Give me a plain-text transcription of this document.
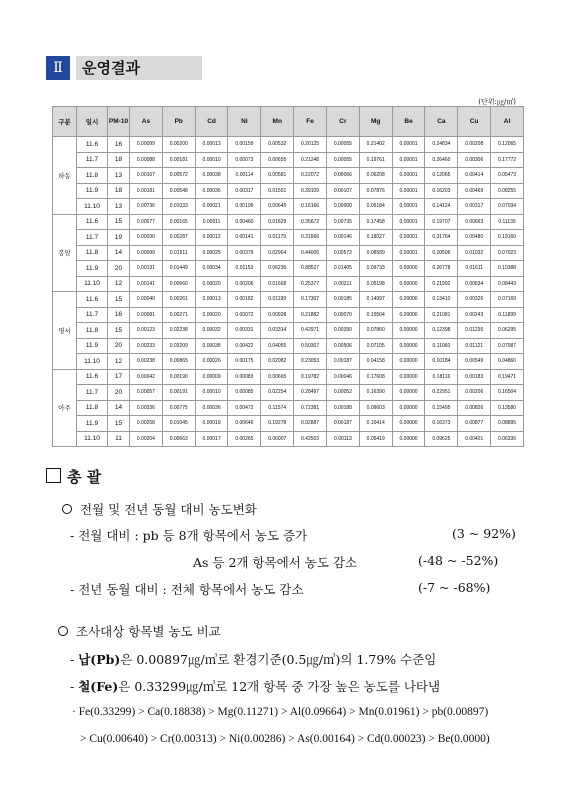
Ⅱ	운영결과
(단위:㎍/㎥)
구분	일시	PM-10	As	Pb	Cd	Ni	Mn	Fe	Cr	Mg	Be	Ca	Cu	Al
하동	11.6	16	0.00099	0.00200	0.00013	0.00159	0.00532	0.20125	0.00055	0.21402	0.00001	0.24834	0.00208	0.12065
	11.7	18	0.00088	0.00181	0.00010	0.00073	0.00655	0.21248	0.00055	0.19761	0.00001	0.26460	0.00306	0.17772
	11.8	13	0.00167	0.00572	0.00038	0.00114	0.00581	0.22072	0.00066	0.06208	0.00001	0.12065	0.00414	0.05473
	11.9	18	0.00181	0.00548	0.00036	0.00317	0.01551	0.39109	0.00107	0.07876	0.00001	0.16203	0.00469	0.08255
	11.10	13	0.00736	0.01033	0.00021	0.00106	0.00645	0.16166	0.00000	0.05184	0.00001	0.14124	0.00317	0.07034
봉암	11.6	15	0.00077	0.00165	0.00011	0.00460	0.01829	0.35672	0.00735	0.17458	0.00001	0.19707	0.00663	0.11139
	11.7	19	0.00030	0.00287	0.00012	0.00141	0.01179	0.31666	0.00146	0.18027	0.00001	0.31764	0.00480	0.19160
	11.8	14	0.00099	0.01511	0.00025	0.00379	0.02964	0.44005	0.00572	0.08589	0.00001	0.20506	0.01032	0.07023
	11.9	20	0.00131	0.01449	0.00034	0.01153	0.06236	0.88527	0.01405	0.09733	0.00000	0.26778	0.01611	0.10388
	11.10	12	0.00141	0.00660	0.00020	0.00206	0.01668	0.25377	0.00211	0.05198	0.00000	0.21992	0.00634	0.08443
명서	11.6	15	0.00040	0.00261	0.00013	0.00182	0.01199	0.17307	0.00185	0.14997	0.00000	0.13410	0.00326	0.07169
	11.7	16	0.00081	0.00271	0.00020	0.00072	0.00928	0.21882	0.00070	0.15504	0.00000	0.21081	0.00243	0.11899
	11.8	15	0.00123	0.02238	0.00032	0.00331	0.03314	0.42971	0.00390	0.07860	0.00000	0.12398	0.01235	0.06295
	11.9	20	0.00233	0.03209	0.00038	0.00422	0.04055	0.50307	0.00506	0.07105	0.00000	0.11060	0.01121	0.07987
	11.10	12	0.00238	0.00865	0.00026	0.00175	0.02082	0.23053	0.00187	0.04158	0.00000	0.10184	0.00549	0.04860
아주	11.6	17	0.00042	0.00190	0.00009	0.00083	0.00665	0.19782	0.00046	0.17608	0.00000	0.18116	0.00183	0.19471
	11.7	20	0.00057	0.00191	0.00010	0.00085	0.02254	0.28497	0.00052	0.16390	0.00000	0.22951	0.00206	0.16504
	11.8	14	0.00336	0.00775	0.00036	0.00472	0.11574	0.72381	0.00188	0.09603	0.00000	0.15495	0.00826	0.13580
	11.9	15	0.00258	0.01045	0.00019	0.00646	0.19278	0.92887	0.00187	0.10414	0.00000	0.16373	0.00877	0.08895
	11.10	11	0.00204	0.00663	0.00017	0.00265	0.06007	0.42503	0.00113	0.05419	0.00000	0.09625	0.00401	0.06336
총 괄
전월 및 전년 동월 대비 농도변화
- 전월 대비 : pb 등 8개 항목에서 농도 증가	(3 ~ 92%)
As 등 2개 항목에서 농도 감소	(-48 ~ -52%)
- 전년 동월 대비 : 전체 항목에서 농도 감소	(-7 ~ -68%)
조사대상 항목별 농도 비교
- 납(Pb)은 0.00897㎍/㎥로 환경기준(0.5㎍/㎥)의 1.79% 수준임
- 철(Fe)은 0.33299㎍/㎥로 12개 항목 중 가장 높은 농도를 나타냄
· Fe(0.33299) > Ca(0.18838) > Mg(0.11271) > Al(0.09664) > Mn(0.01961) > pb(0.00897)
> Cu(0.00640) > Cr(0.00313) > Ni(0.00286) > As(0.00164) > Cd(0.00023) > Be(0.0000)
